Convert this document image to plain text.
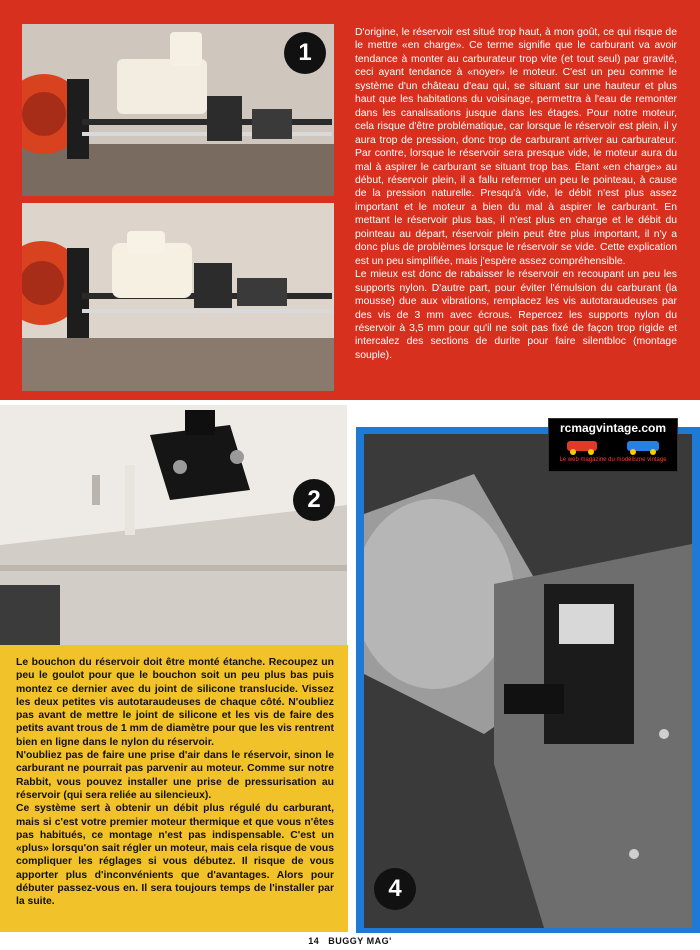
1

D'origine, le réservoir est situé trop haut, à mon goût, ce qui risque de le mettre «en charge». Ce terme signifie que le carburant va avoir tendance à monter au carburateur trop vite (et tout seul) par gravité, ceci ayant tendance à «noyer» le moteur. C'est un peu comme le système d'un château d'eau qui, se situant sur une hauteur et plus haut que les habitations du voisinage, permettra à l'eau de remonter dans les canalisations jusque dans les étages. Pour notre moteur, cela risque d'être problématique, car lorsque le réservoir est plein, il y aura trop de pression, donc trop de carburant arriver au carburateur. Par contre, lorsque le réservoir sera presque vide, le moteur aura du mal à aspirer le carburant se situant trop bas. Étant «en charge» au début, réservoir plein, il a fallu refermer un peu le pointeau, à cause de la pression naturelle. Presqu'à vide, le débit n'est plus assez important et le moteur a bien du mal à aspirer le carburant. En mettant le réservoir plus bas, il n'est plus en charge et le débit du pointeau au départ, réservoir plein peut être plus important, il n'y a donc plus de problèmes lorsque le réservoir se vide. Cette explication est un peu simplifiée, mais j'espère assez compréhensible.

Le mieux est donc de rabaisser le réservoir en recoupant un peu les supports nylon. D'autre part, pour éviter l'émulsion du carburant (la mousse) due aux vibrations, remplacez les vis autotaraudeuses par des vis de 3 mm avec écrous. Repercez les supports nylon du réservoir à 3,5 mm pour qu'il ne soit pas fixé de façon trop rigide et intercalez des sections de durite pour faire silentbloc (montage souple).

2

Le bouchon du réservoir doit être monté étanche. Recoupez un peu le goulot pour que le bouchon soit un peu plus bas puis montez ce dernier avec du joint de silicone translucide. Vissez les deux petites vis autotaraudeuses de chaque côté. N'oubliez pas avant de mettre le joint de silicone et les vis de faire des petits avant trous de 1 mm de diamètre pour que les vis rentrent bien en ligne dans le nylon du réservoir.

N'oubliez pas de faire une prise d'air dans le réservoir, sinon le carburant ne pourrait pas parvenir au moteur. Comme sur notre Rabbit, vous pouvez installer une prise de pressurisation au réservoir (qui sera reliée au silencieux).

Ce système sert à obtenir un débit plus régulé du carburant, mais si c'est votre premier moteur thermique et que vous n'êtes pas habitués, ce montage n'est pas indispensable. C'est un «plus» lorsqu'on sait régler un moteur, mais cela risque de vous compliquer les réglages si vous débutez. Il risque de vous apporter plus d'inconvénients que d'avantages. Alors pour débuter passez-vous en. Il sera toujours temps de l'installer par la suite.	4
rcmagvintage.com
Le web magazine du modélisme vintage
14 BUGGY MAG'
